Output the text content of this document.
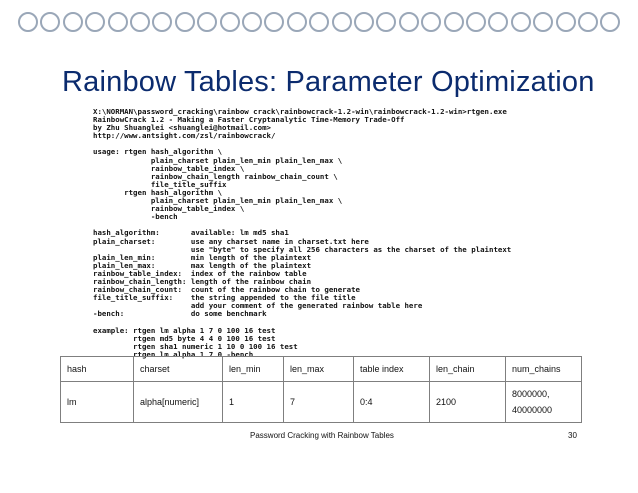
Rainbow Tables: Parameter Optimization
X:\NORMAN\password_cracking\rainbow crack\rainbowcrack-1.2-win\rainbowcrack-1.2-win>rtgen.exe
RainbowCrack 1.2 - Making a Faster Cryptanalytic Time-Memory Trade-Off
by Zhu Shuanglei <shuanglei@hotmail.com>
http://www.antsight.com/zsl/rainbowcrack/

usage: rtgen hash_algorithm \
plain_charset plain_len_min plain_len_max \
rainbow_table_index \
rainbow_chain_length rainbow_chain_count \
file_title_suffix
rtgen hash_algorithm \
plain_charset plain_len_min plain_len_max \
rainbow_table_index \
-bench

hash_algorithm:       available: lm md5 sha1
plain_charset:        use any charset name in charset.txt here
use "byte" to specify all 256 characters as the charset of the plaintext
plain_len_min:        min length of the plaintext
plain_len_max:        max length of the plaintext
rainbow_table_index:  index of the rainbow table
rainbow_chain_length: length of the rainbow chain
rainbow_chain_count:  count of the rainbow chain to generate
file_title_suffix:    the string appended to the file title
add your comment of the generated rainbow table here
-bench:               do some benchmark

example: rtgen lm alpha 1 7 0 100 16 test
rtgen md5 byte 4 4 0 100 16 test
rtgen sha1 numeric 1 10 0 100 16 test
rtgen lm alpha 1 7 0 -bench
hash	charset	len_min	len_max	table index	len_chain	num_chains
lm	alpha[numeric]	1	7	0:4	2100	8000000,
40000000
Password Cracking with Rainbow Tables	30
